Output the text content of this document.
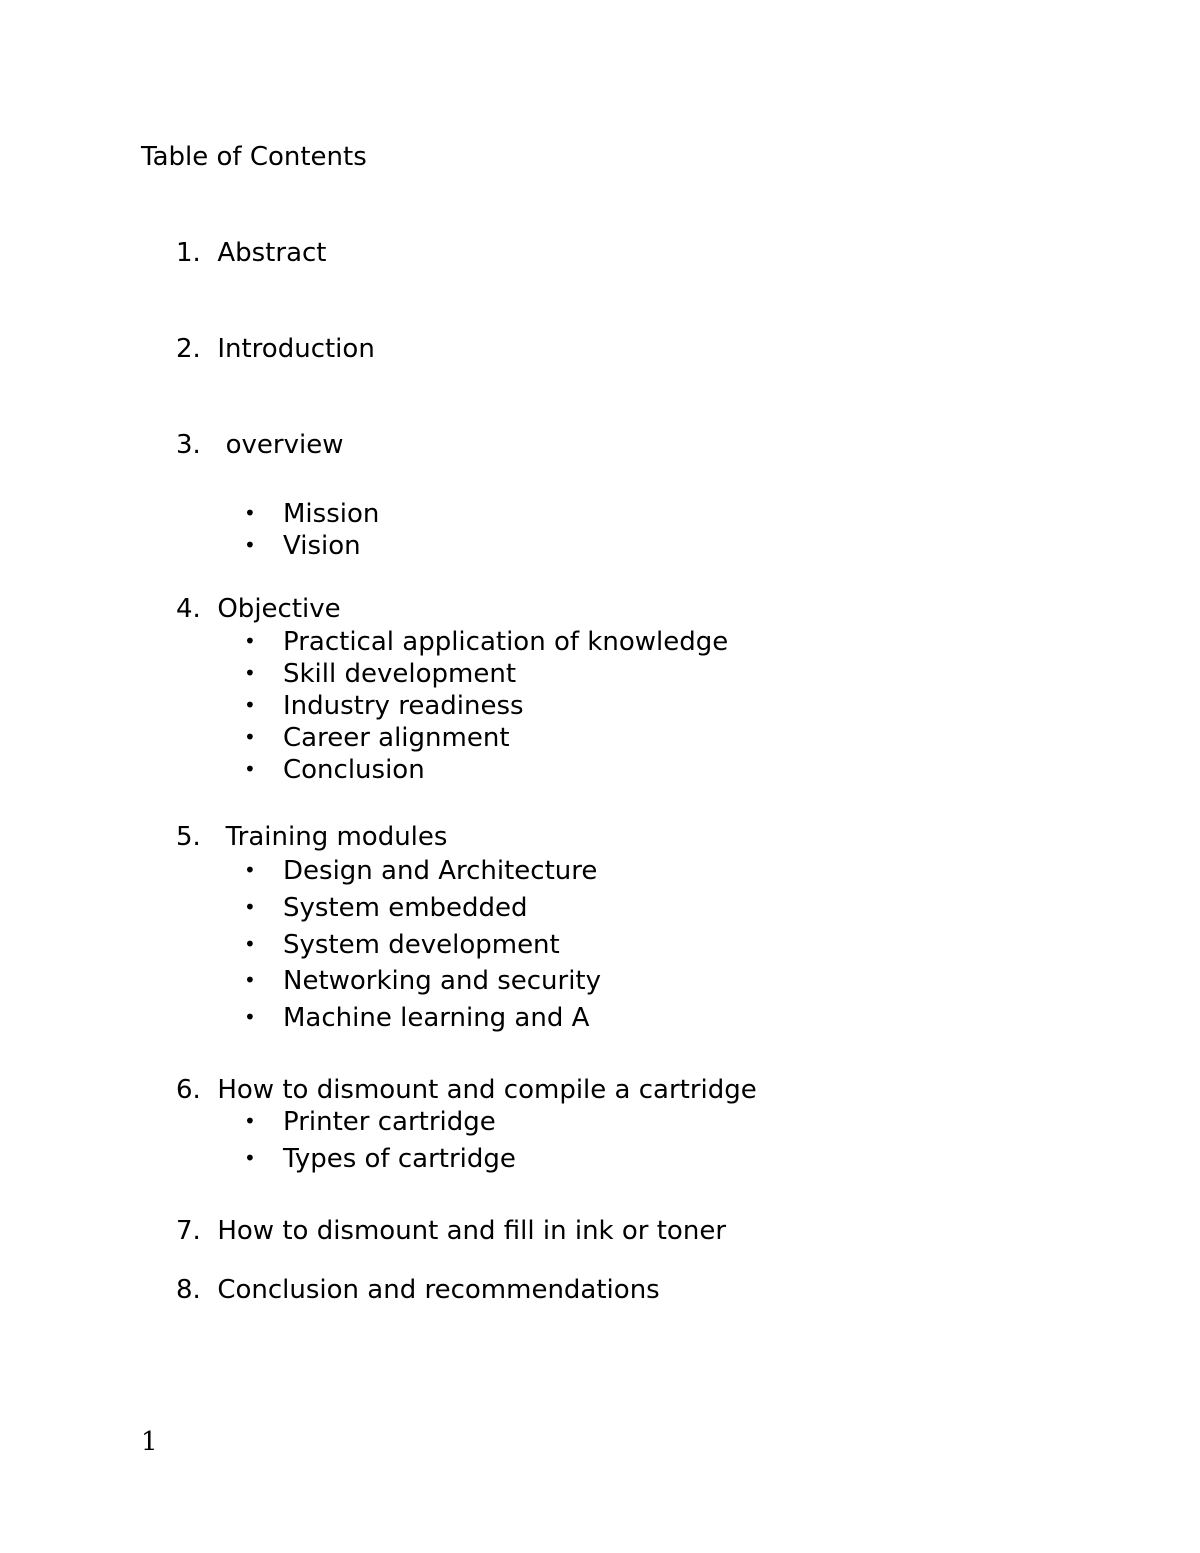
Table of Contents
1.  Abstract
2.  Introduction
3.   overview
• Mission
• Vision
4.  Objective
• Practical application of knowledge
• Skill development
• Industry readiness
• Career alignment
• Conclusion
5.   Training modules
• Design and Architecture
• System embedded
• System development
• Networking and security
• Machine learning and A
6.  How to dismount and compile a cartridge
• Printer cartridge
• Types of cartridge
7.  How to dismount and fill in ink or toner
8.  Conclusion and recommendations
1
